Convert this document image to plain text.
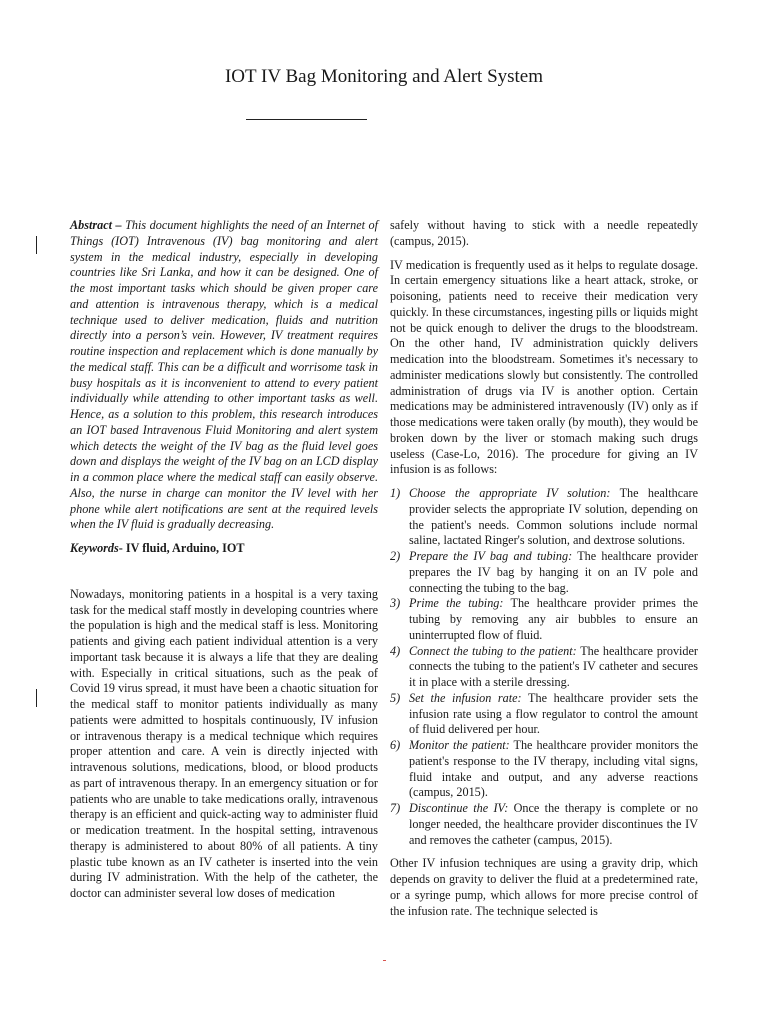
IOT IV Bag Monitoring and Alert System

Abstract – This document highlights the need of an Internet of Things (IOT) Intravenous (IV) bag monitoring and alert system in the medical industry, especially in developing countries like Sri Lanka, and how it can be designed. One of the most important tasks which should be given proper care and attention is intravenous therapy, which is a medical technique used to deliver medication, fluids and nutrition directly into a person’s vein. However, IV treatment requires routine inspection and replacement which is done manually by the medical staff. This can be a difficult and worrisome task in busy hospitals as it is inconvenient to attend to every patient individually while attending to other important tasks as well. Hence, as a solution to this problem, this research introduces an IOT based Intravenous Fluid Monitoring and alert system which detects the weight of the IV bag as the fluid level goes down and displays the weight of the IV bag on an LCD display in a common place where the medical staff can easily observe. Also, the nurse in charge can monitor the IV level with her phone while alert notifications are sent at the required levels when the IV fluid is gradually decreasing.

Keywords- IV fluid, Arduino, IOT

Nowadays, monitoring patients in a hospital is a very taxing task for the medical staff mostly in developing countries where the population is high and the medical staff is less. Monitoring patients and giving each patient individual attention is a very important task because it is always a life that they are dealing with. Especially in critical situations, such as the peak of Covid 19 virus spread, it must have been a chaotic situation for the medical staff to monitor patients individually as many patients were admitted to hospitals continuously, IV infusion or intravenous therapy is a medical technique which requires proper attention and care. A vein is directly injected with intravenous solutions, medications, blood, or blood products as part of intravenous therapy. In an emergency situation or for patients who are unable to take medications orally, intravenous therapy is an efficient and quick-acting way to administer fluid or medication treatment. In the hospital setting, intravenous therapy is administered to about 80% of all patients. A tiny plastic tube known as an IV catheter is inserted into the vein during IV administration. With the help of the catheter, the doctor can administer several low doses of medication

safely without having to stick with a needle repeatedly (campus, 2015).

IV medication is frequently used as it helps to regulate dosage. In certain emergency situations like a heart attack, stroke, or poisoning, patients need to receive their medication very quickly. In these circumstances, ingesting pills or liquids might not be quick enough to deliver the drugs to the bloodstream. On the other hand, IV administration quickly delivers medication into the bloodstream. Sometimes it's necessary to administer medications slowly but consistently. The controlled administration of drugs via IV is another option. Certain medications may be administered intravenously (IV) only as if those medications were taken orally (by mouth), they would be broken down by the liver or stomach making such drugs useless (Case-Lo, 2016). The procedure for giving an IV infusion is as follows:

1) Choose the appropriate IV solution: The healthcare provider selects the appropriate IV solution, depending on the patient's needs. Common solutions include normal saline, lactated Ringer's solution, and dextrose solutions.
2) Prepare the IV bag and tubing: The healthcare provider prepares the IV bag by hanging it on an IV pole and connecting the tubing to the bag.
3) Prime the tubing: The healthcare provider primes the tubing by removing any air bubbles to ensure an uninterrupted flow of fluid.
4) Connect the tubing to the patient: The healthcare provider connects the tubing to the patient's IV catheter and secures it in place with a sterile dressing.
5) Set the infusion rate: The healthcare provider sets the infusion rate using a flow regulator to control the amount of fluid delivered per hour.
6) Monitor the patient: The healthcare provider monitors the patient's response to the IV therapy, including vital signs, fluid intake and output, and any adverse reactions (campus, 2015).
7) Discontinue the IV: Once the therapy is complete or no longer needed, the healthcare provider discontinues the IV and removes the catheter (campus, 2015).

Other IV infusion techniques are using a gravity drip, which depends on gravity to deliver the fluid at a predetermined rate, or a syringe pump, which allows for more precise control of the infusion rate. The technique selected is
